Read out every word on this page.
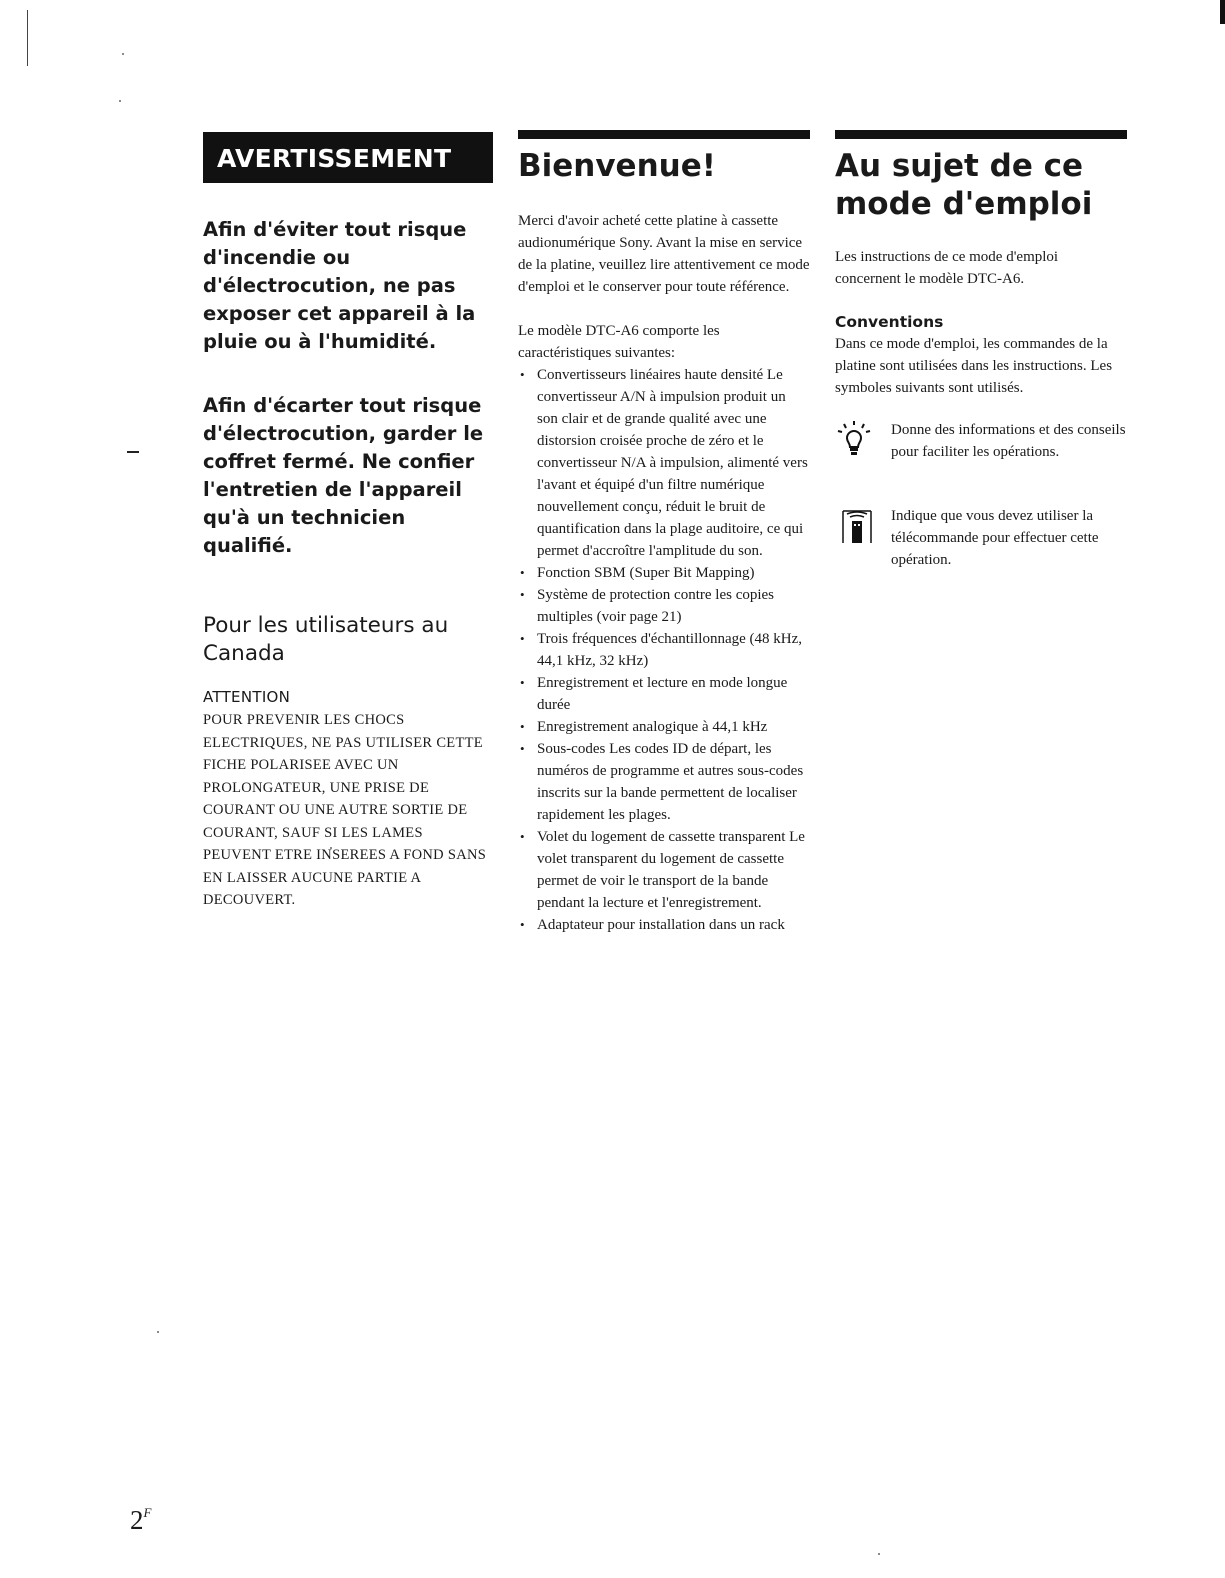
AVERTISSEMENT

Afin d'éviter tout risque d'incendie ou d'électrocution, ne pas exposer cet appareil à la pluie ou à l'humidité.

Afin d'écarter tout risque d'électrocution, garder le coffret fermé. Ne confier l'entretien de l'appareil qu'à un technicien qualifié.

Pour les utilisateurs au Canada
ATTENTION

POUR PREVENIR LES CHOCS ELECTRIQUES, NE PAS UTILISER CETTE FICHE POLARISEE AVEC UN PROLONGATEUR, UNE PRISE DE COURANT OU UNE AUTRE SORTIE DE COURANT, SAUF SI LES LAMES PEUVENT ETRE INSEREES A FOND SANS EN LAISSER AUCUNE PARTIE A DECOUVERT.

Bienvenue!

Merci d'avoir acheté cette platine à cassette audionumérique Sony. Avant la mise en service de la platine, veuillez lire attentivement ce mode d'emploi et le conserver pour toute référence.

Le modèle DTC-A6 comporte les caractéristiques suivantes:

• Convertisseurs linéaires haute densité Le convertisseur A/N à impulsion produit un son clair et de grande qualité avec une distorsion croisée proche de zéro et le convertisseur N/A à impulsion, alimenté vers l'avant et équipé d'un filtre numérique nouvellement conçu, réduit le bruit de quantification dans la plage auditoire, ce qui permet d'accroître l'amplitude du son.
• Fonction SBM (Super Bit Mapping)
• Système de protection contre les copies multiples (voir page 21)
• Trois fréquences d'échantillonnage (48 kHz, 44,1 kHz, 32 kHz)
• Enregistrement et lecture en mode longue durée
• Enregistrement analogique à 44,1 kHz
• Sous-codes Les codes ID de départ, les numéros de programme et autres sous-codes inscrits sur la bande permettent de localiser rapidement les plages.
• Volet du logement de cassette transparent Le volet transparent du logement de cassette permet de voir le transport de la bande pendant la lecture et l'enregistrement.
• Adaptateur pour installation dans un rack
Au sujet de ce mode d'emploi

Les instructions de ce mode d'emploi concernent le modèle DTC-A6.

Conventions

Dans ce mode d'emploi, les commandes de la platine sont utilisées dans les instructions. Les symboles suivants sont utilisés.

Donne des informations et des conseils pour faciliter les opérations.
Indique que vous devez utiliser la télécommande pour effectuer cette opération.
$2^F$
